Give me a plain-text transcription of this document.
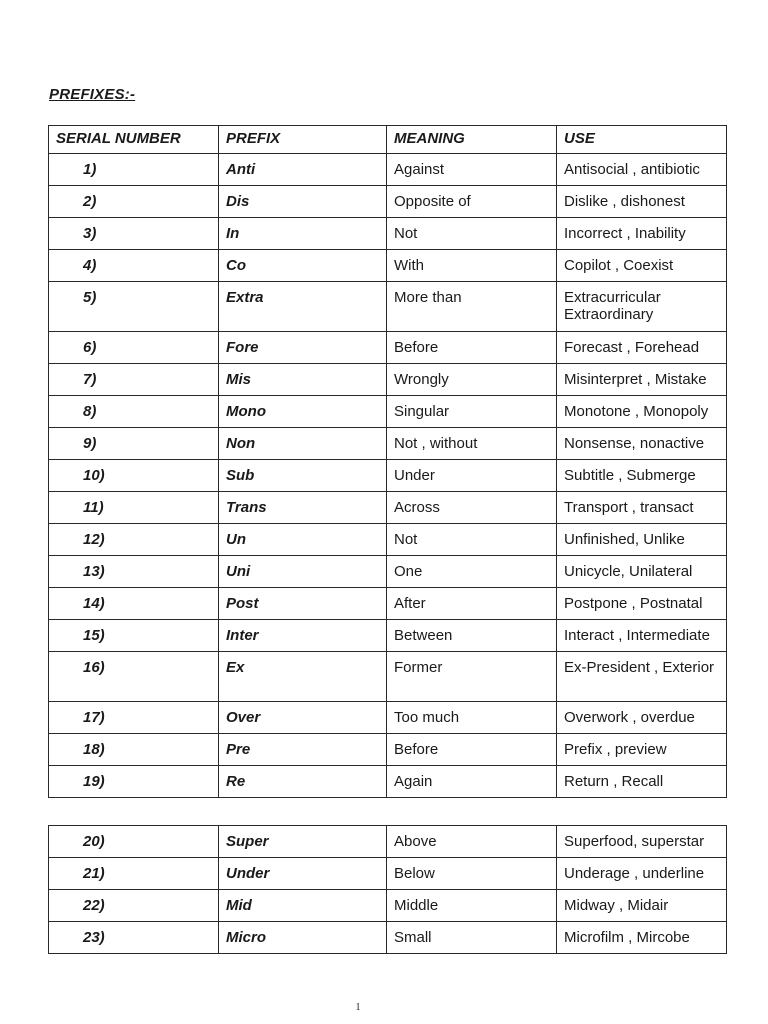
PREFIXES:-
SERIAL NUMBER	PREFIX	MEANING	USE
1)	Anti	Against	Antisocial , antibiotic
2)	Dis	Opposite of	Dislike , dishonest
3)	In	Not	Incorrect , Inability
4)	Co	With	Copilot , Coexist
5)	Extra	More than	Extracurricular Extraordinary
6)	Fore	Before	Forecast , Forehead
7)	Mis	Wrongly	Misinterpret , Mistake
8)	Mono	Singular	Monotone , Monopoly
9)	Non	Not , without	Nonsense, nonactive
10)	Sub	Under	Subtitle , Submerge
11)	Trans	Across	Transport , transact
12)	Un	Not	Unfinished, Unlike
13)	Uni	One	Unicycle, Unilateral
14)	Post	After	Postpone , Postnatal
15)	Inter	Between	Interact , Intermediate
16)	Ex	Former	Ex-President , Exterior
17)	Over	Too much	Overwork , overdue
18)	Pre	Before	Prefix , preview
19)	Re	Again	Return , Recall
20)	Super	Above	Superfood, superstar
21)	Under	Below	Underage , underline
22)	Mid	Middle	Midway , Midair
23)	Micro	Small	Microfilm , Mircobe
1
